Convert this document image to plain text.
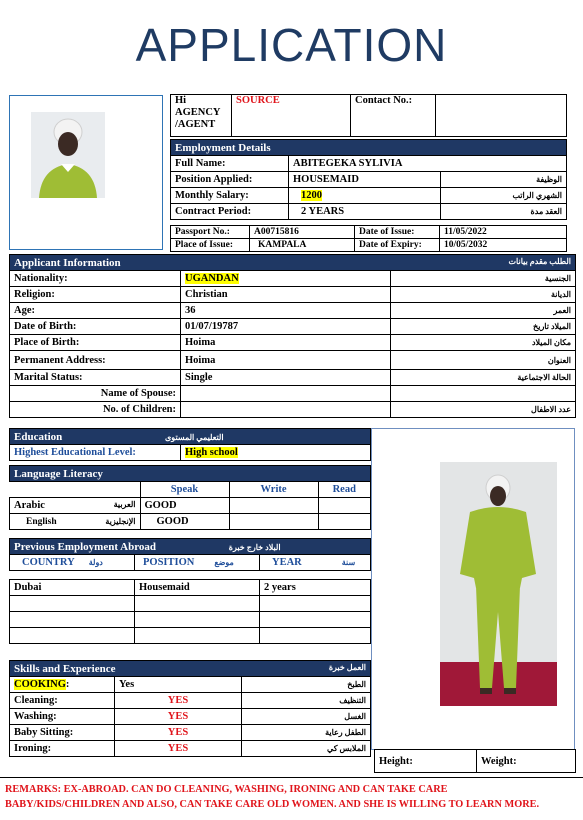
APPLICATION
Hi AGENCY /AGENT	SOURCE	Contact No.:	
Employment Details		
Full Name:	ABITEGEKA SYLIVIA	
Position Applied:	HOUSEMAID	الوظيفة
Monthly Salary:	1200	الشهري الراتب
Contract Period:	2 YEARS	العقد مدة
Passport No.:	A00715816	Date of Issue:	11/05/2022
Place of Issue:	KAMPALA	Date of Expiry:	10/05/2032
Applicant Information الطلب مقدم بيانات		

Nationality:	UGANDAN	الجنسية
Religion:	Christian	الديانة
Age:	36	العمر
Date of Birth:	01/07/19787	الميلاد تاريخ
Place of Birth:	Hoima	مكان الميلاد
Permanent Address:	Hoima	العنوان
Marital Status:	Single	الحالة الاجتماعية
Name of Spouse:		
No. of Children:		عدد الاطفال
Education	التعليمي المستوى
Highest Educational Level:	High school
Language Literacy			
	Speak	Write	Read
Arabic العربية	GOOD		
English الإنجليزية	GOOD		
Previous Employment Abroad البلاد خارج خبرة		
COUNTRY دولة	POSITION موضع	YEAR سنة

Dubai	Housemaid	2 years

Skills and Experience العمل خبرة		

COOKING:	Yes	الطبخ
Cleaning:	YES	التنظيف
Washing:	YES	الغسل
Baby Sitting:	YES	الطفل رعاية
Ironing:	YES	الملابس كي
Height:	Weight:
REMARKS: EX-ABROAD. CAN DO CLEANING, WASHING, IRONING AND CAN TAKE CARE
BABY/KIDS/CHILDREN AND ALSO, CAN TAKE CARE OLD WOMEN. AND SHE IS WILLING TO LEARN MORE.
